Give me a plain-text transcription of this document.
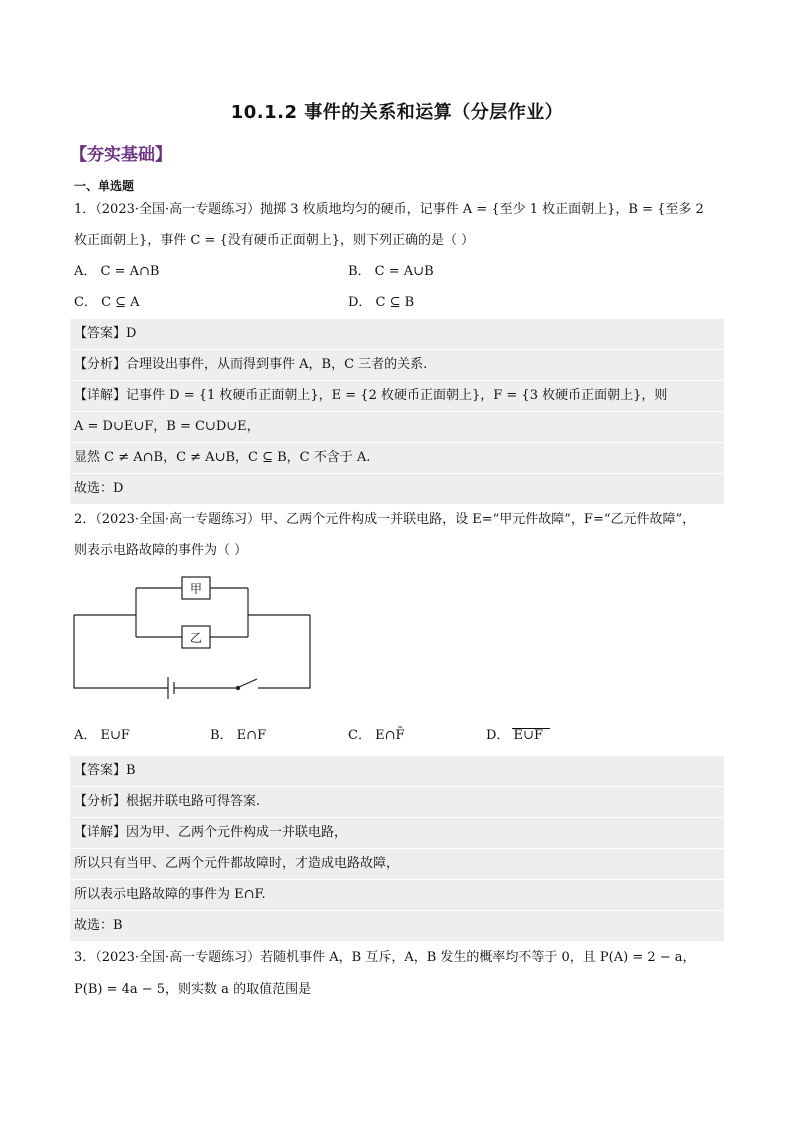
10.1.2 事件的关系和运算（分层作业）
【夯实基础】
一、单选题
1．（2023·全国·高一专题练习）抛掷 3 枚质地均匀的硬币，记事件 A = {至少 1 枚正面朝上}，B = {至多 2
枚正面朝上}，事件 C = {没有硬币正面朝上}，则下列正确的是（ ）
A． C = A∩B	B． C = A∪B
C． C ⊆ A	D． C ⊆ B
【答案】D
【分析】合理设出事件，从而得到事件 A，B，C 三者的关系.
【详解】记事件 D = {1 枚硬币正面朝上}，E = {2 枚硬币正面朝上}，F = {3 枚硬币正面朝上}，则
A = D∪E∪F，B = C∪D∪E，
显然 C ≠ A∩B，C ≠ A∪B，C ⊆ B，C 不含于 A.
故选：D
2．（2023·全国·高一专题练习）甲、乙两个元件构成一并联电路，设 E=“甲元件故障”，F=“乙元件故障”，
则表示电路故障的事件为（ ）
甲
乙
A． E∪F	B． E∩F	C． E∩F̄	D． E∪F
【答案】B
【分析】根据并联电路可得答案.
【详解】因为甲、乙两个元件构成一并联电路，
所以只有当甲、乙两个元件都故障时，才造成电路故障，
所以表示电路故障的事件为 E∩F.
故选：B
3．（2023·全国·高一专题练习）若随机事件 A，B 互斥，A，B 发生的概率均不等于 0，且 P(A) = 2 − a，
P(B) = 4a − 5，则实数 a 的取值范围是
